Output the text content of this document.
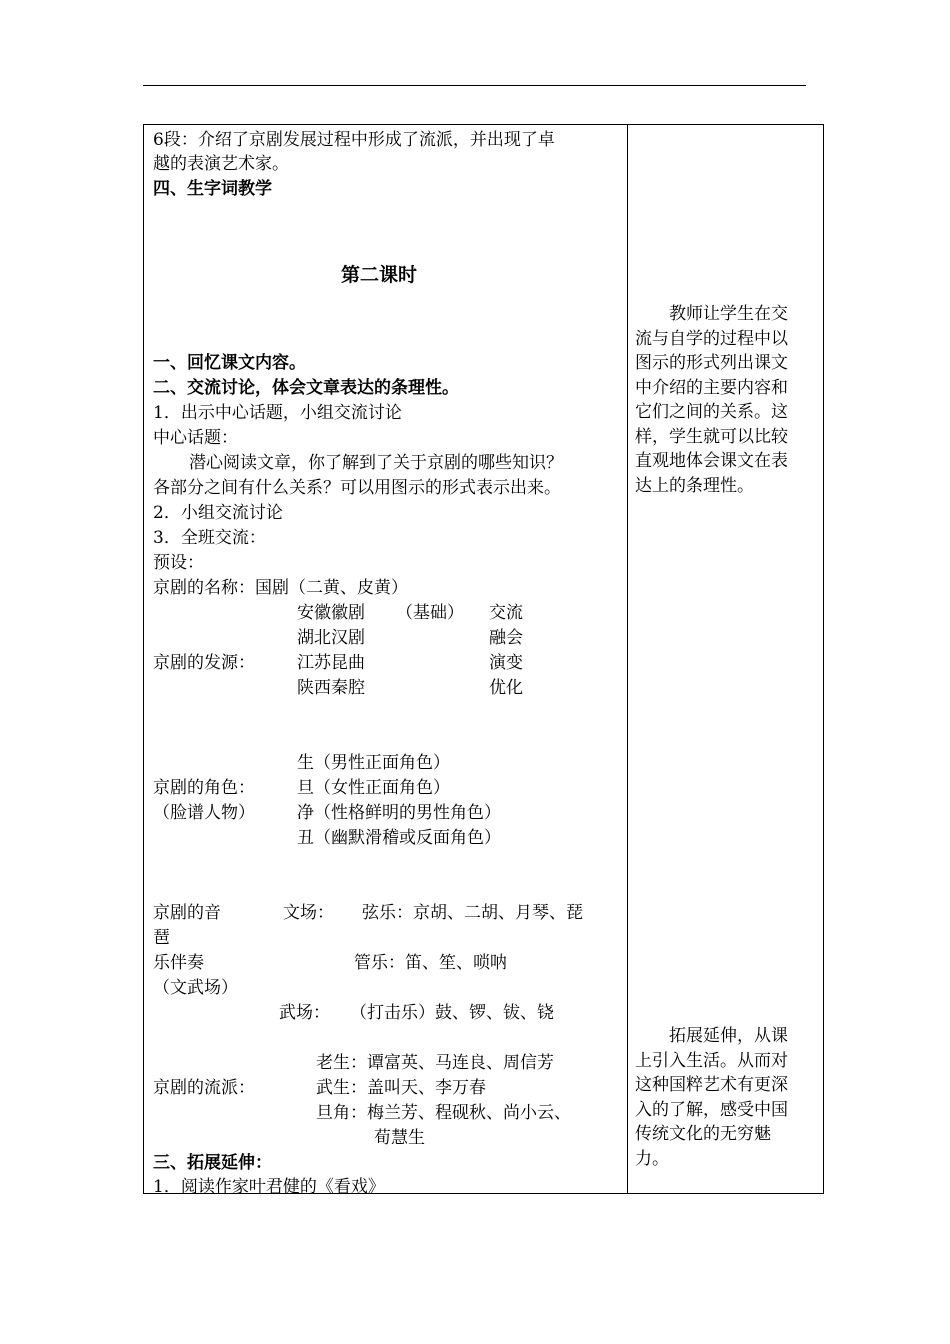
6段：介绍了京剧发展过程中形成了流派，并出现了卓
越的表演艺术家。
四、生字词教学
第二课时
一、回忆课文内容。
二、交流讨论，体会文章表达的条理性。
1．出示中心话题，小组交流讨论
中心话题：
潜心阅读文章，你了解到了关于京剧的哪些知识？
各部分之间有什么关系？可以用图示的形式表示出来。
2．小组交流讨论
3．全班交流：
预设：
京剧的名称：国剧（二黄、皮黄）
安徽徽剧 （基础） 交流
湖北汉剧	融会
京剧的发源： 江苏昆曲	演变
陕西秦腔	优化
生（男性正面角色）
京剧的角色： 旦（女性正面角色）
（脸谱人物） 净（性格鲜明的男性角色）
丑（幽默滑稽或反面角色）
京剧的音	文场： 弦乐：京胡、二胡、月琴、琵
琶
乐伴奏	管乐：笛、笙、唢呐
（文武场）
武场： （打击乐）鼓、锣、钹、铙
老生：谭富英、马连良、周信芳
京剧的流派：	武生：盖叫天、李万春
旦角：梅兰芳、程砚秋、尚小云、
荀慧生
三、拓展延伸：
1．阅读作家叶君健的《看戏》
　　教师让学生在交
流与自学的过程中以
图示的形式列出课文
中介绍的主要内容和
它们之间的关系。这
样，学生就可以比较
直观地体会课文在表
达上的条理性。
　　拓展延伸，从课
上引入生活。从而对
这种国粹艺术有更深
入的了解，感受中国
传统文化的无穷魅
力。
